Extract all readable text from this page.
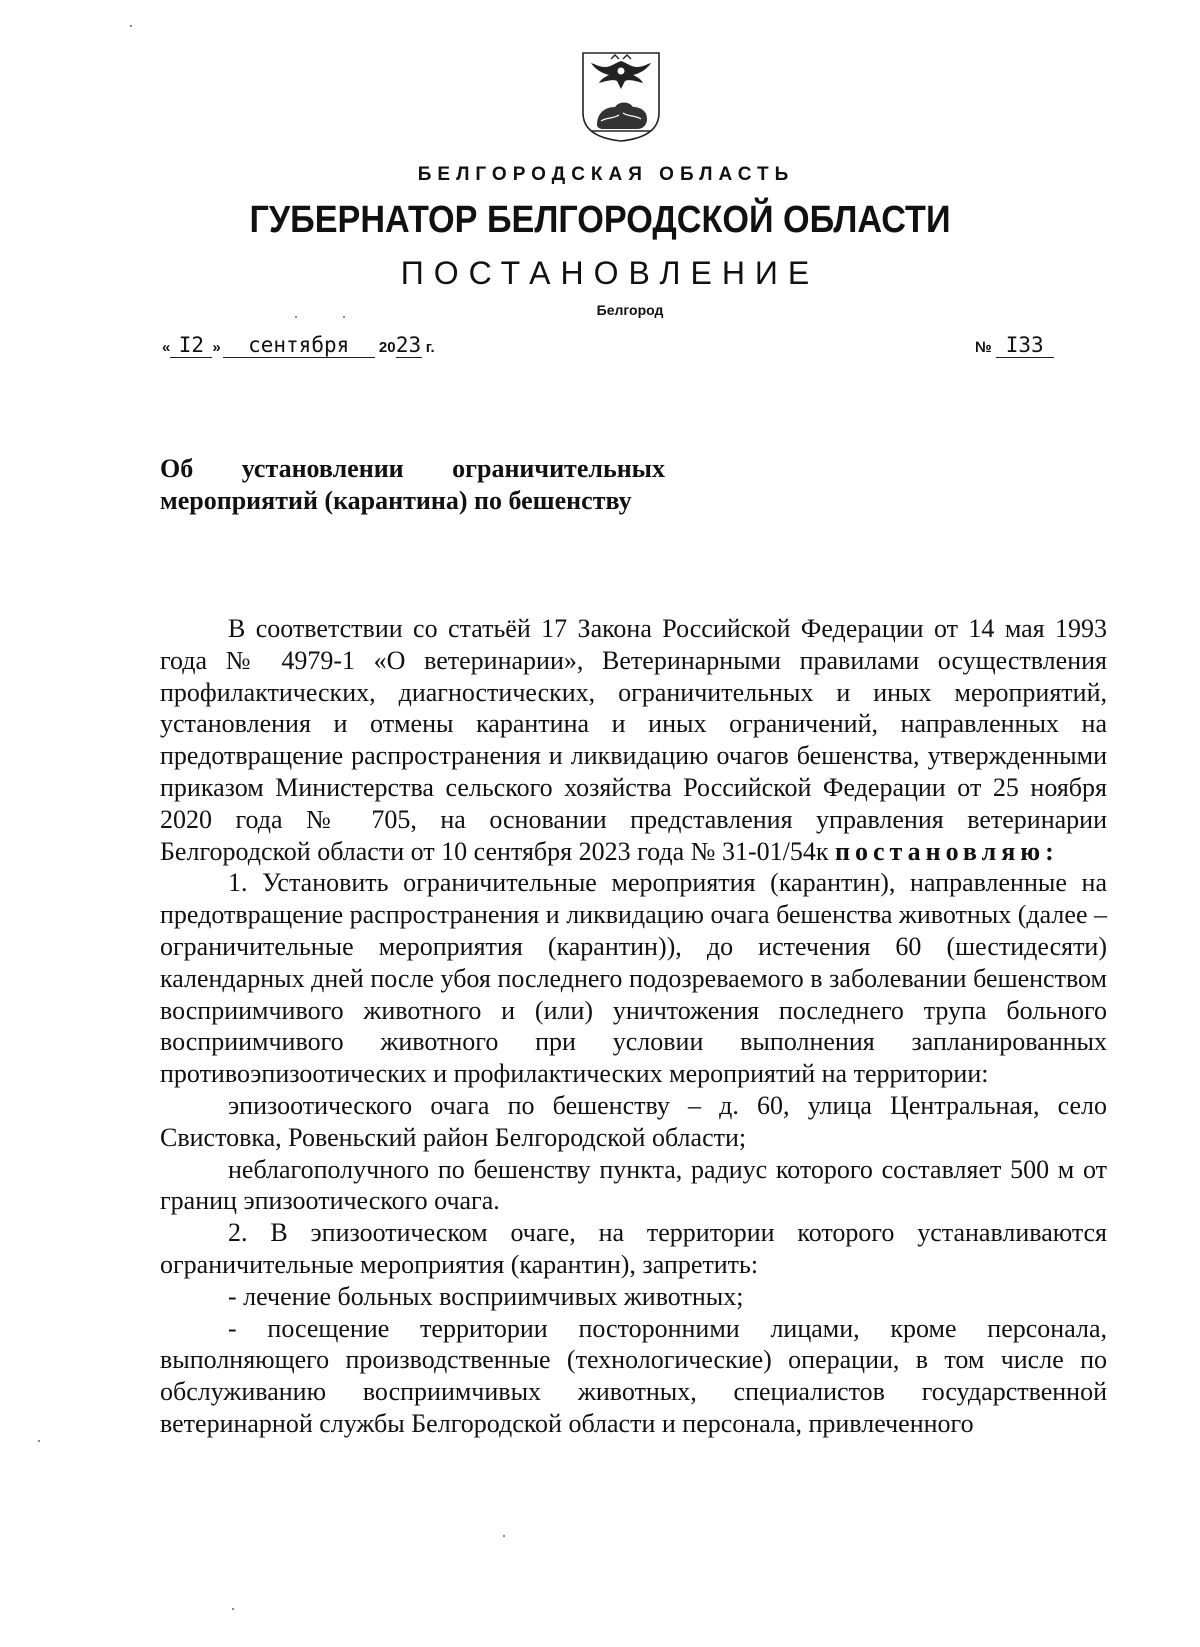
БЕЛГОРОДСКАЯ ОБЛАСТЬ
ГУБЕРНАТОР БЕЛГОРОДСКОЙ ОБЛАСТИ
ПОСТАНОВЛЕНИЕ
Белгород
« I2 » сентября 2023 г.	№ I33
Об установлении ограничительных
мероприятий (карантина) по бешенству

В соответствии со статьёй 17 Закона Российской Федерации от 14 мая 1993 года № 4979-1 «О ветеринарии», Ветеринарными правилами осуществления профилактических, диагностических, ограничительных и иных мероприятий, установления и отмены карантина и иных ограничений, направленных на предотвращение распространения и ликвидацию очагов бешенства, утвержденными приказом Министерства сельского хозяйства Российской Федерации от 25 ноября 2020 года № 705, на основании представления управления ветеринарии Белгородской области от 10 сентября 2023 года № 31-01/54к постановляю:

1. Установить ограничительные мероприятия (карантин), направленные на предотвращение распространения и ликвидацию очага бешенства животных (далее – ограничительные мероприятия (карантин)), до истечения 60 (шестидесяти) календарных дней после убоя последнего подозреваемого в заболевании бешенством восприимчивого животного и (или) уничтожения последнего трупа больного восприимчивого животного при условии выполнения запланированных противоэпизоотических и профилактических мероприятий на территории:

эпизоотического очага по бешенству – д. 60, улица Центральная, село Свистовка, Ровеньский район Белгородской области;

неблагополучного по бешенству пункта, радиус которого составляет 500 м от границ эпизоотического очага.

2. В эпизоотическом очаге, на территории которого устанавливаются ограничительные мероприятия (карантин), запретить:

- лечение больных восприимчивых животных;

- посещение территории посторонними лицами, кроме персонала, выполняющего производственные (технологические) операции, в том числе по обслуживанию восприимчивых животных, специалистов государственной ветеринарной службы Белгородской области и персонала, привлеченного
